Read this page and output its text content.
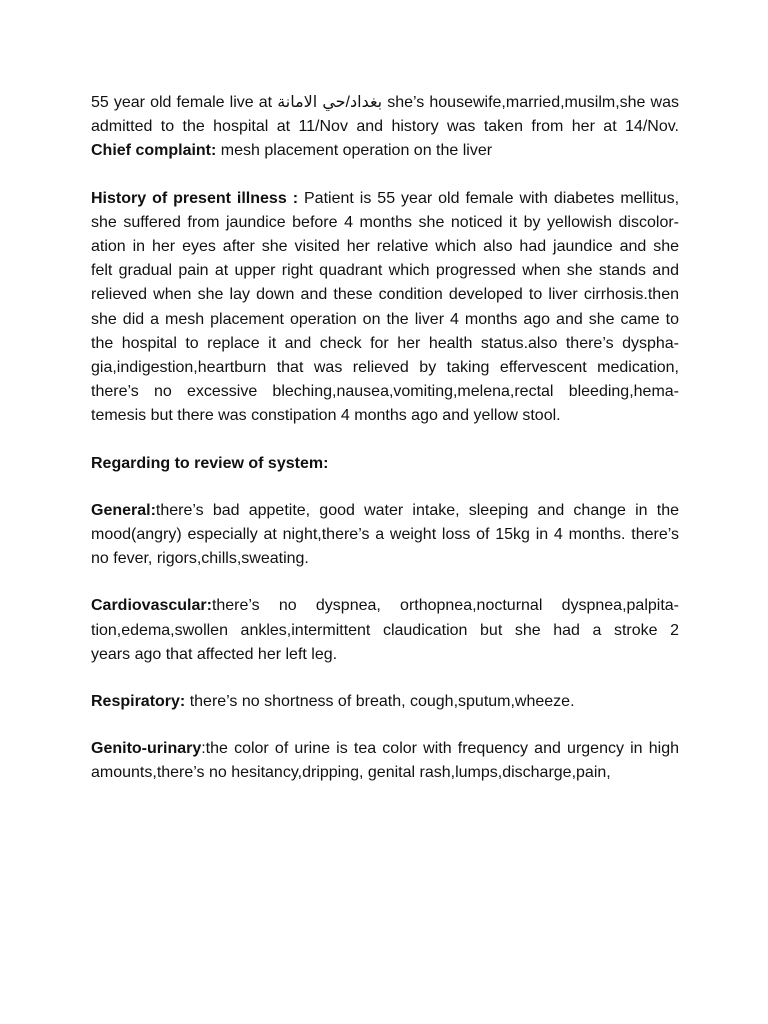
55 year old female live at بغداد/حي الامانة she’s housewife,married,musilm,she was
admitted to the hospital at 11/Nov and history was taken from her at 14/Nov.
Chief complaint: mesh placement operation on the liver

History of present illness : Patient is 55 year old female with diabetes mellitus,
she suffered from jaundice before 4 months she noticed it by yellowish discolor-
ation in her eyes after she visited her relative which also had jaundice and she
felt gradual pain at upper right quadrant which progressed when she stands and
relieved when she lay down and these condition developed to liver cirrhosis.then
she did a mesh placement operation on the liver 4 months ago and she came to
the hospital to replace it and check for her health status.also there’s dyspha-
gia,indigestion,heartburn that was relieved by taking effervescent medication,
there’s no excessive bleching,nausea,vomiting,melena,rectal bleeding,hema-
temesis but there was constipation 4 months ago and yellow stool.

Regarding to review of system:

General:there’s bad appetite, good water intake, sleeping and change in the
mood(angry) especially at night,there’s a weight loss of 15kg in 4 months. there’s
no fever, rigors,chills,sweating.

Cardiovascular:there’s no dyspnea, orthopnea,nocturnal dyspnea,palpita-
tion,edema,swollen ankles,intermittent claudication but she had a stroke 2
years ago that affected her left leg.

Respiratory: there’s no shortness of breath, cough,sputum,wheeze.

Genito-urinary:the color of urine is tea color with frequency and urgency in high
amounts,there’s no hesitancy,dripping, genital rash,lumps,discharge,pain,
